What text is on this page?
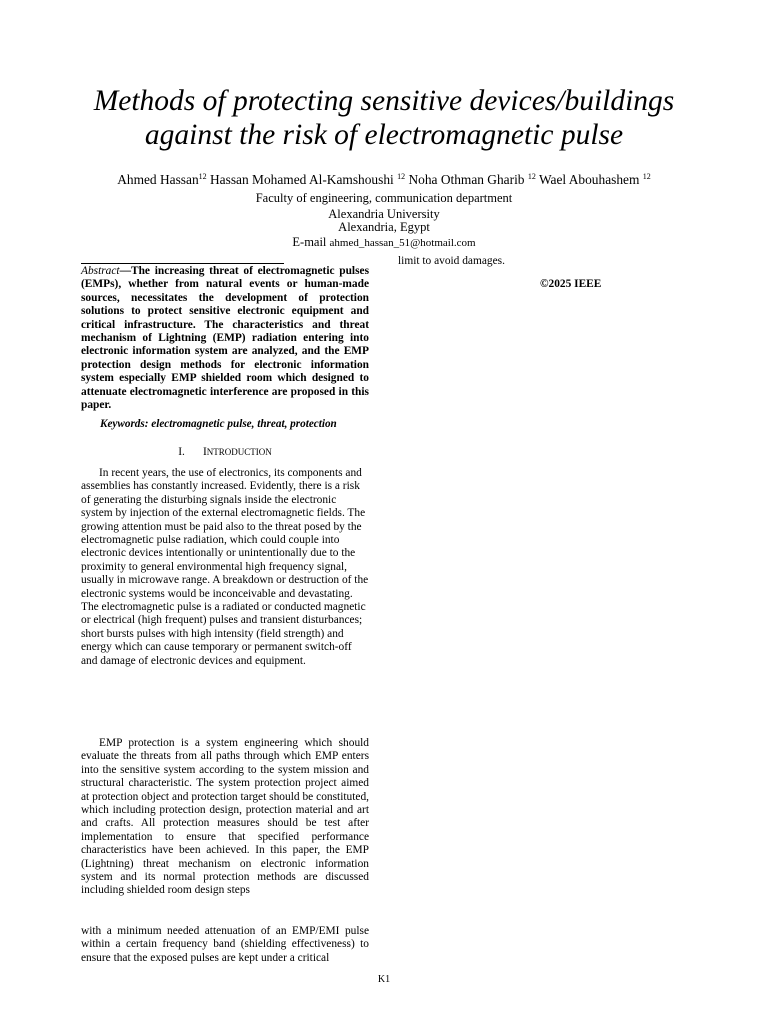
Methods of protecting sensitive devices/buildings
against the risk of electromagnetic pulse
Ahmed Hassan$^{12}$ Hassan Mohamed Al-Kamshoushi $^{12}$ Noha Othman Gharib $^{12}$ Wael Abouhashem $^{12}$
Faculty of engineering, communication department
Alexandria University
Alexandria, Egypt
E-mail ahmed_hassan_51@hotmail.com
Abstract—The increasing threat of electromagnetic pulses (EMPs), whether from natural events or human-made sources, necessitates the development of protection solutions to protect sensitive electronic equipment and critical infrastructure. The characteristics and threat mechanism of Lightning (EMP) radiation entering into electronic information system are analyzed, and the EMP protection design methods for electronic information system especially EMP shielded room which designed to attenuate electromagnetic interference are proposed in this paper.
Keywords: electromagnetic pulse, threat, protection
I. INTRODUCTION
In recent years, the use of electronics, its components and assemblies has constantly increased. Evidently, there is a risk of generating the disturbing signals inside the electronic system by injection of the external electromagnetic fields. The growing attention must be paid also to the threat posed by the electromagnetic pulse radiation, which could couple into electronic devices intentionally or unintentionally due to the proximity to general environmental high frequency signal, usually in microwave range. A breakdown or destruction of the electronic systems would be inconceivable and devastating. The electromagnetic pulse is a radiated or conducted magnetic or electrical (high frequent) pulses and transient disturbances; short bursts pulses with high intensity (field strength) and energy which can cause temporary or permanent switch-off and damage of electronic devices and equipment.
EMP protection is a system engineering which should evaluate the threats from all paths through which EMP enters into the sensitive system according to the system mission and structural characteristic. The system protection project aimed at protection object and protection target should be constituted, which including protection design, protection material and art and crafts. All protection measures should be test after implementation to ensure that specified performance characteristics have been achieved. In this paper, the EMP (Lightning) threat mechanism on electronic information system and its normal protection methods are discussed including shielded room design steps
with a minimum needed attenuation of an EMP/EMI pulse within a certain frequency band (shielding effectiveness) to ensure that the exposed pulses are kept under a critical
limit to avoid damages.
©2025 IEEE
K1
